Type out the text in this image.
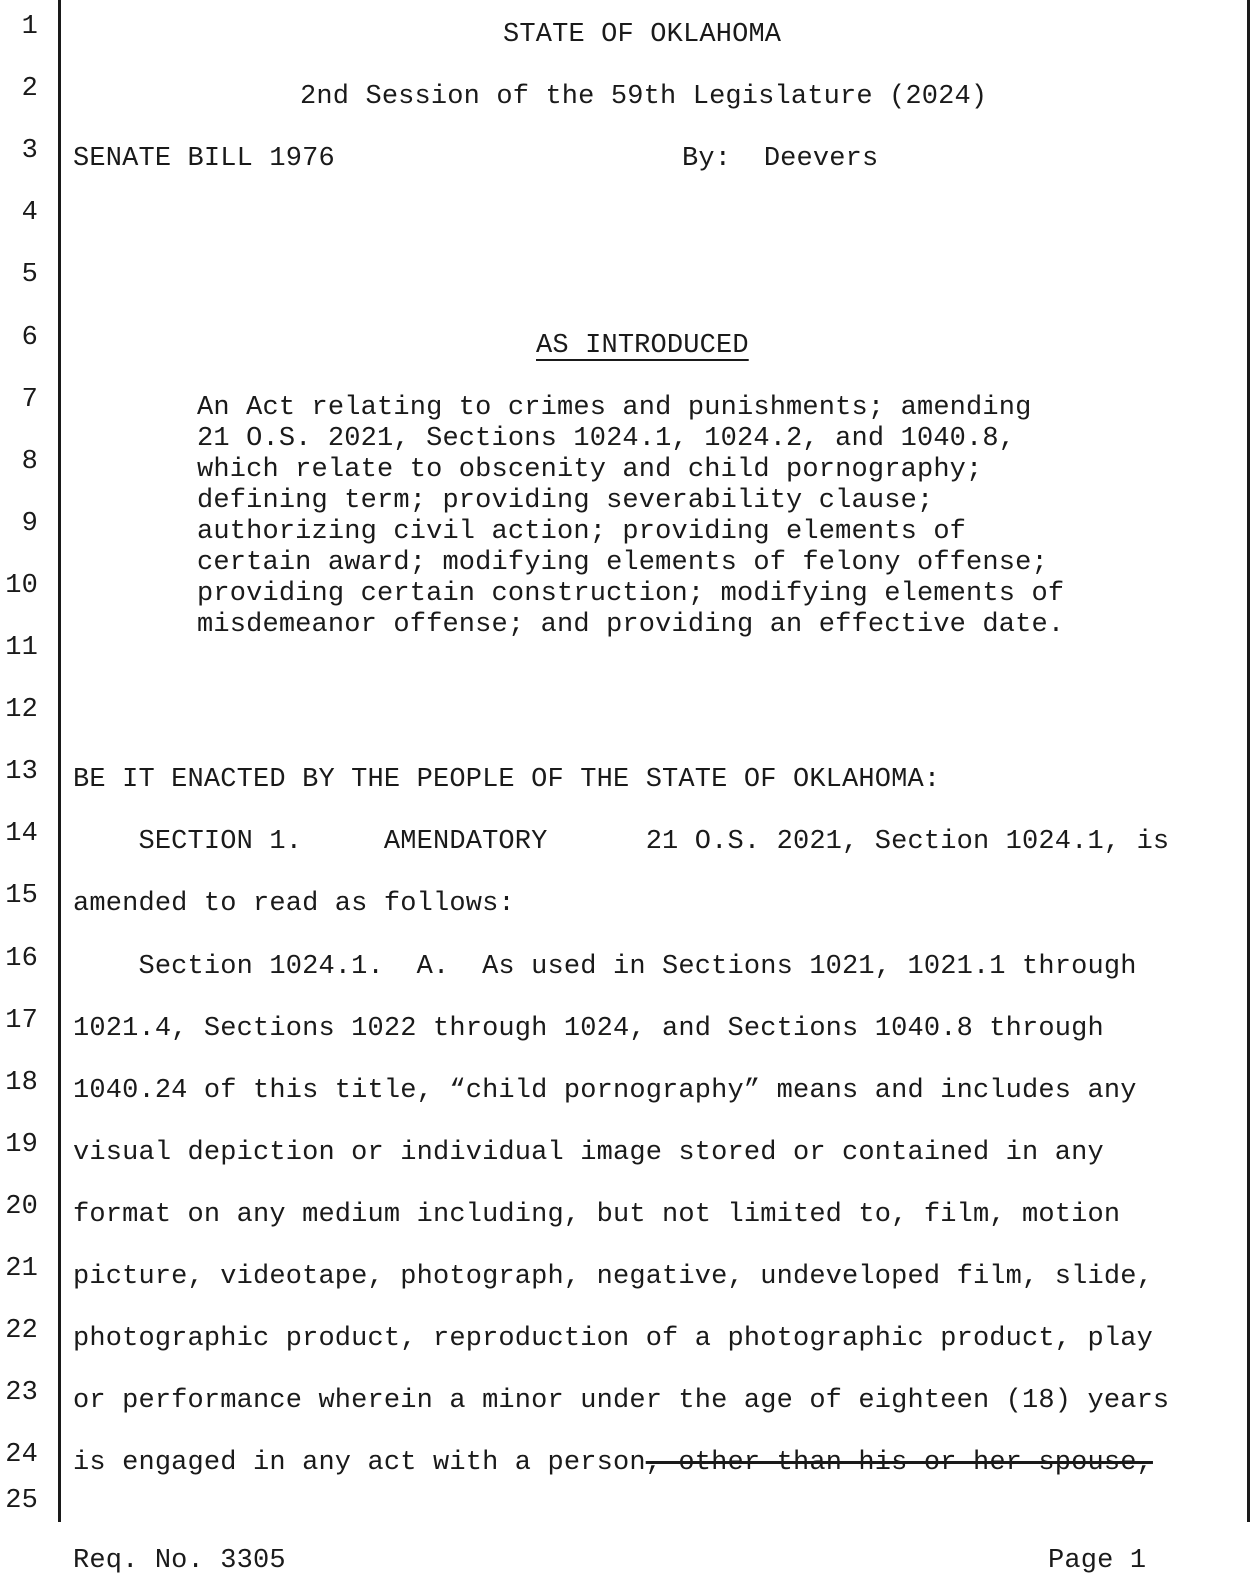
1
2
3
4
5
6
7
8
9
10
11
12
13
14
15
16
17
18
19
20
21
22
23
24
25
STATE OF OKLAHOMA
2nd Session of the 59th Legislature (2024)
SENATE BILL 1976	By:  Deevers
AS INTRODUCED
An Act relating to crimes and punishments; amending
21 O.S. 2021, Sections 1024.1, 1024.2, and 1040.8,
which relate to obscenity and child pornography;
defining term; providing severability clause;
authorizing civil action; providing elements of
certain award; modifying elements of felony offense;
providing certain construction; modifying elements of
misdemeanor offense; and providing an effective date.
BE IT ENACTED BY THE PEOPLE OF THE STATE OF OKLAHOMA:
SECTION 1.     AMENDATORY      21 O.S. 2021, Section 1024.1, is
amended to read as follows:
Section 1024.1.  A.  As used in Sections 1021, 1021.1 through
1021.4, Sections 1022 through 1024, and Sections 1040.8 through
1040.24 of this title, “child pornography” means and includes any
visual depiction or individual image stored or contained in any
format on any medium including, but not limited to, film, motion
picture, videotape, photograph, negative, undeveloped film, slide,
photographic product, reproduction of a photographic product, play
or performance wherein a minor under the age of eighteen (18) years
is engaged in any act with a person, other than his or her spouse,
Req. No. 3305	Page 1
